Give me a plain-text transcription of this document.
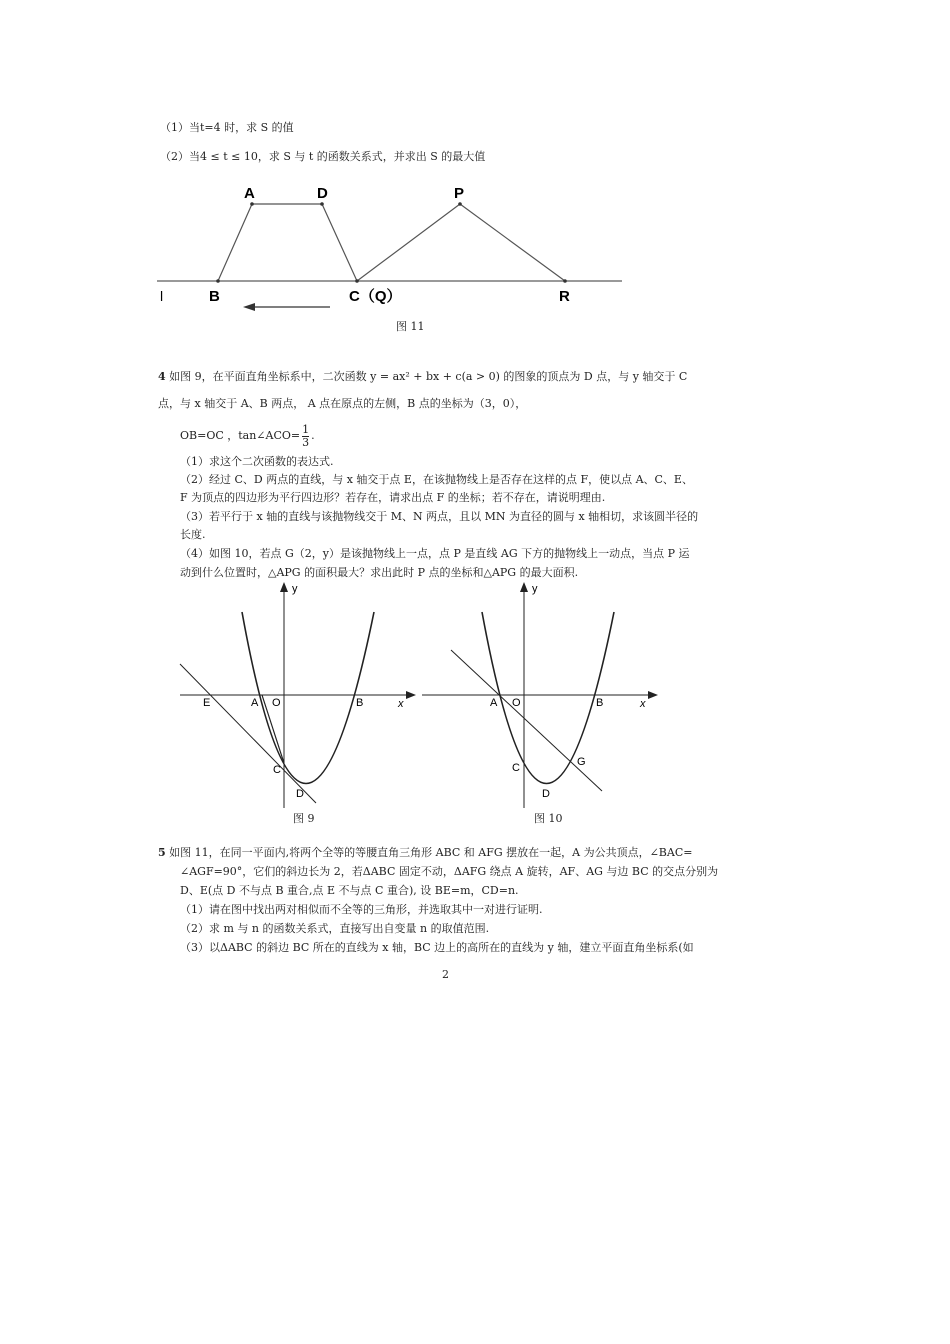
（1）当t=4 时，求 S 的值
（2）当4 ≤ t ≤ 10，求 S 与 t 的函数关系式，并求出 S 的最大值
A	D	P
l	B	C（Q）	R
图 11
4 如图 9，在平面直角坐标系中，二次函数 y = ax² + bx + c(a > 0) 的图象的顶点为 D 点，与 y 轴交于 C
点，与 x 轴交于 A、B 两点， A 点在原点的左侧，B 点的坐标为（3，0），
OB=OC ，tan∠ACO= $\frac{1}{3}$ .
（1）求这个二次函数的表达式.
（2）经过 C、D 两点的直线，与 x 轴交于点 E，在该抛物线上是否存在这样的点 F，使以点 A、C、E、
F 为顶点的四边形为平行四边形？若存在，请求出点 F 的坐标；若不存在，请说明理由.
（3）若平行于 x 轴的直线与该抛物线交于 M、N 两点，且以 MN 为直径的圆与 x 轴相切，求该圆半径的
长度.
（4）如图 10，若点 G（2，y）是该抛物线上一点，点 P 是直线 AG 下方的抛物线上一动点，当点 P 运
动到什么位置时，△APG 的面积最大？求出此时 P 点的坐标和△APG 的最大面积.
x
y
E	A O	B
C
D
图 9
x
y
A O	B
C
D
G
图 10
5 如图 11，在同一平面内,将两个全等的等腰直角三角形 ABC 和 AFG 摆放在一起，A 为公共顶点，∠BAC=
∠AGF=90°，它们的斜边长为 2，若ΔABC 固定不动，ΔAFG 绕点 A 旋转，AF、AG 与边 BC 的交点分别为
D、E(点 D 不与点 B 重合,点 E 不与点 C 重合), 设 BE=m，CD=n.
（1）请在图中找出两对相似而不全等的三角形，并选取其中一对进行证明.
（2）求 m 与 n 的函数关系式，直接写出自变量 n 的取值范围.
（3）以ΔABC 的斜边 BC 所在的直线为 x 轴，BC 边上的高所在的直线为 y 轴，建立平面直角坐标系(如
2
